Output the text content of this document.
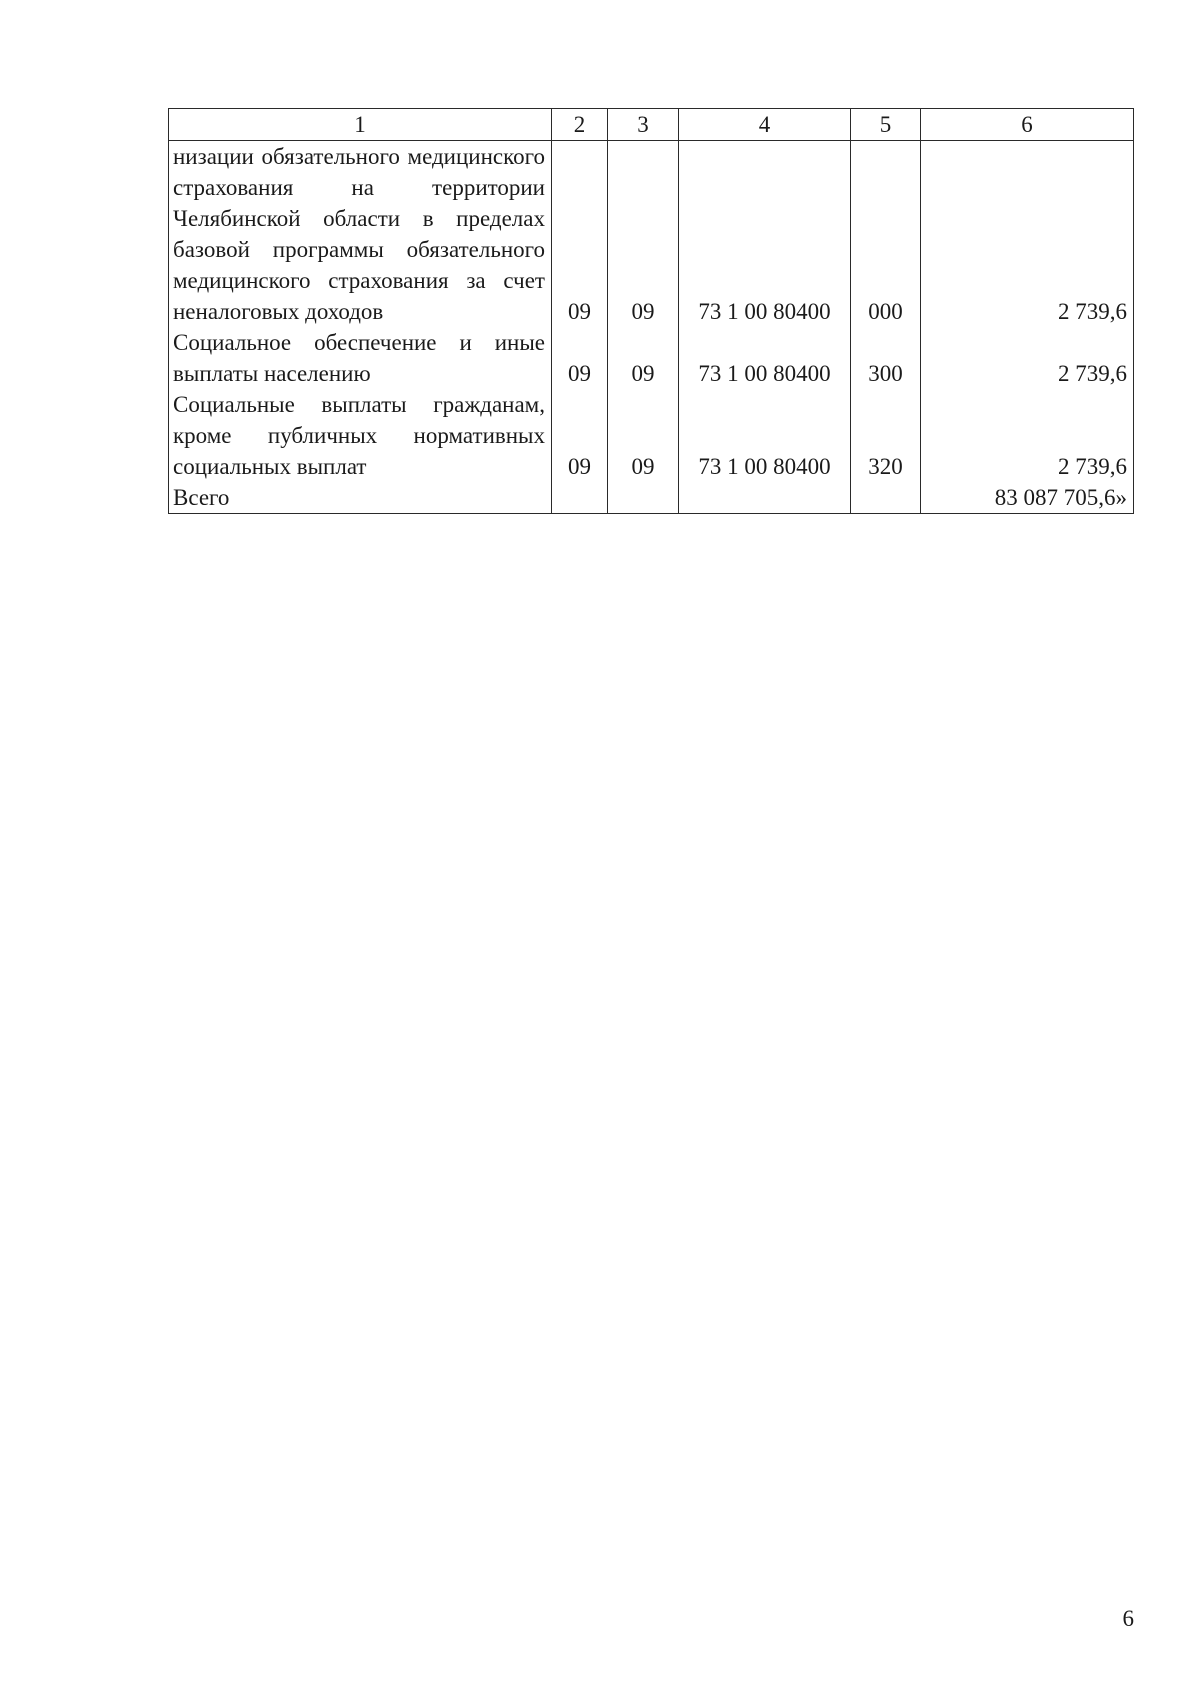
1	2	3	4	5	6
низации обязательного медицинского страхования на территории Челябинской области в пределах базовой программы обязательного медицинского страхования за счет неналоговых доходов	09	09	73 1 00 80400	000	2 739,6
Социальное обеспечение и иные выплаты населению	09	09	73 1 00 80400	300	2 739,6
Социальные выплаты гражданам, кроме публичных нормативных социальных выплат	09	09	73 1 00 80400	320	2 739,6
Всего					83 087 705,6»
6
